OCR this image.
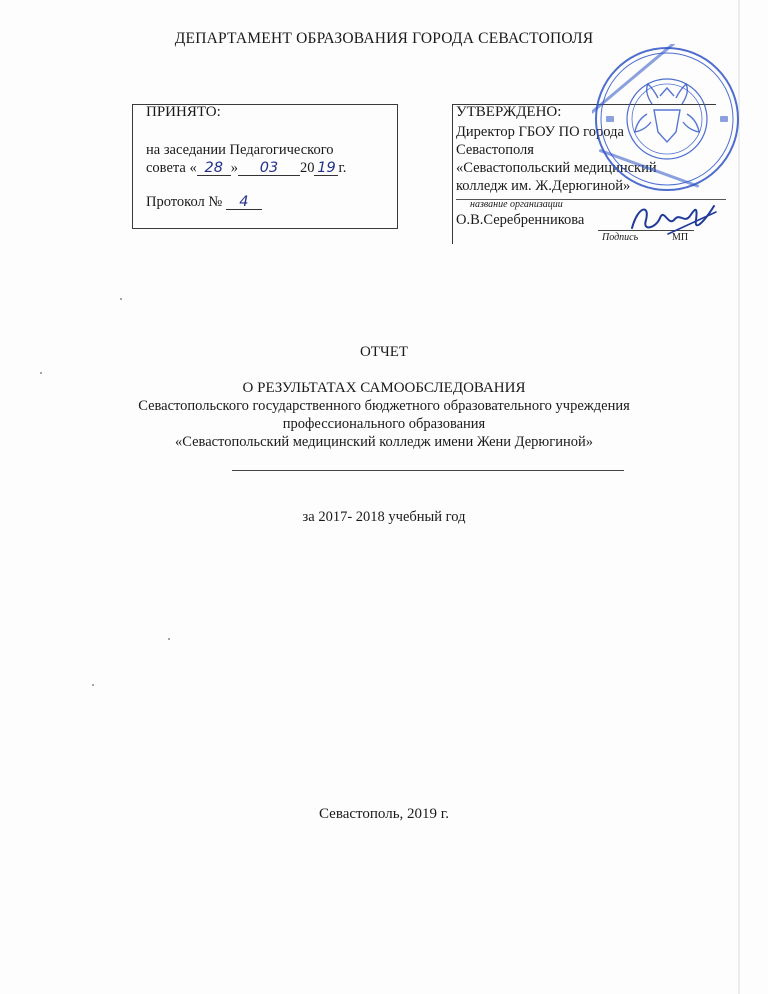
ДЕПАРТАМЕНТ ОБРАЗОВАНИЯ ГОРОДА СЕВАСТОПОЛЯ
ПРИНЯТО:
на заседании Педагогического
совета « 28 » 03 20 19 г.
Протокол № 4
УТВЕРЖДЕНО:
Директор ГБОУ ПО города
Севастополя
«Севастопольский медицинский
колледж им. Ж.Дерюгиной»
название организации
О.В.Серебренникова
Подпись	МП
ОТЧЕТ
О РЕЗУЛЬТАТАХ САМООБСЛЕДОВАНИЯ
Севастопольского государственного бюджетного образовательного учреждения
профессионального образования
«Севастопольский медицинский колледж имени Жени Дерюгиной»
за 2017- 2018 учебный год
Севастополь, 2019 г.
